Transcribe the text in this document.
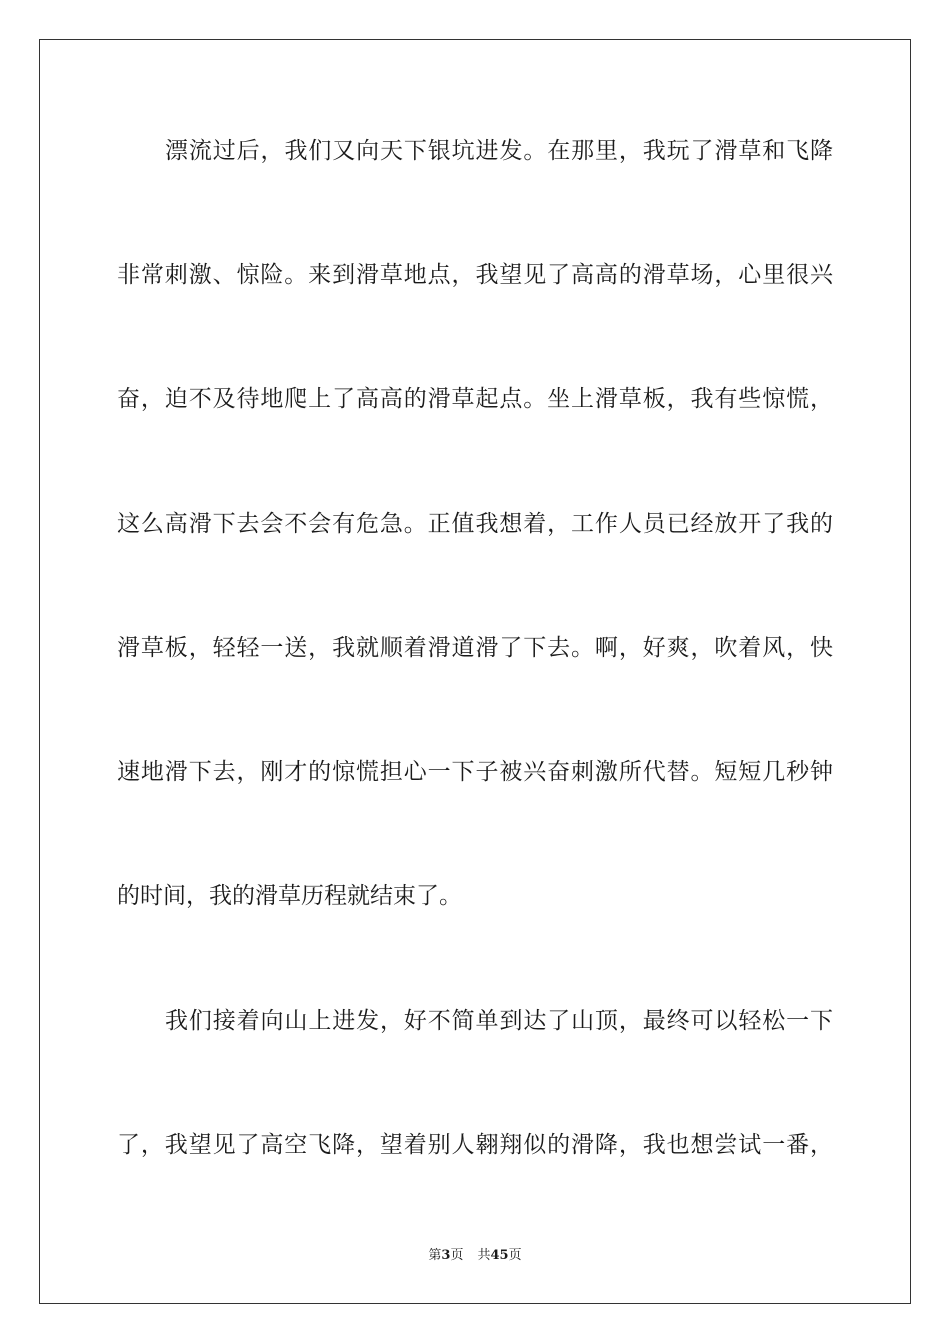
漂流过后，我们又向天下银坑进发。在那里，我玩了滑草和飞降
非常刺激、惊险。来到滑草地点，我望见了高高的滑草场，心里很兴
奋，迫不及待地爬上了高高的滑草起点。坐上滑草板，我有些惊慌，
这么高滑下去会不会有危急。正值我想着，工作人员已经放开了我的
滑草板，轻轻一送，我就顺着滑道滑了下去。啊，好爽，吹着风，快
速地滑下去，刚才的惊慌担心一下子被兴奋刺激所代替。短短几秒钟
的时间，我的滑草历程就结束了。
我们接着向山上进发，好不简单到达了山顶，最终可以轻松一下
了，我望见了高空飞降，望着别人翱翔似的滑降，我也想尝试一番，
第3页 共45页
